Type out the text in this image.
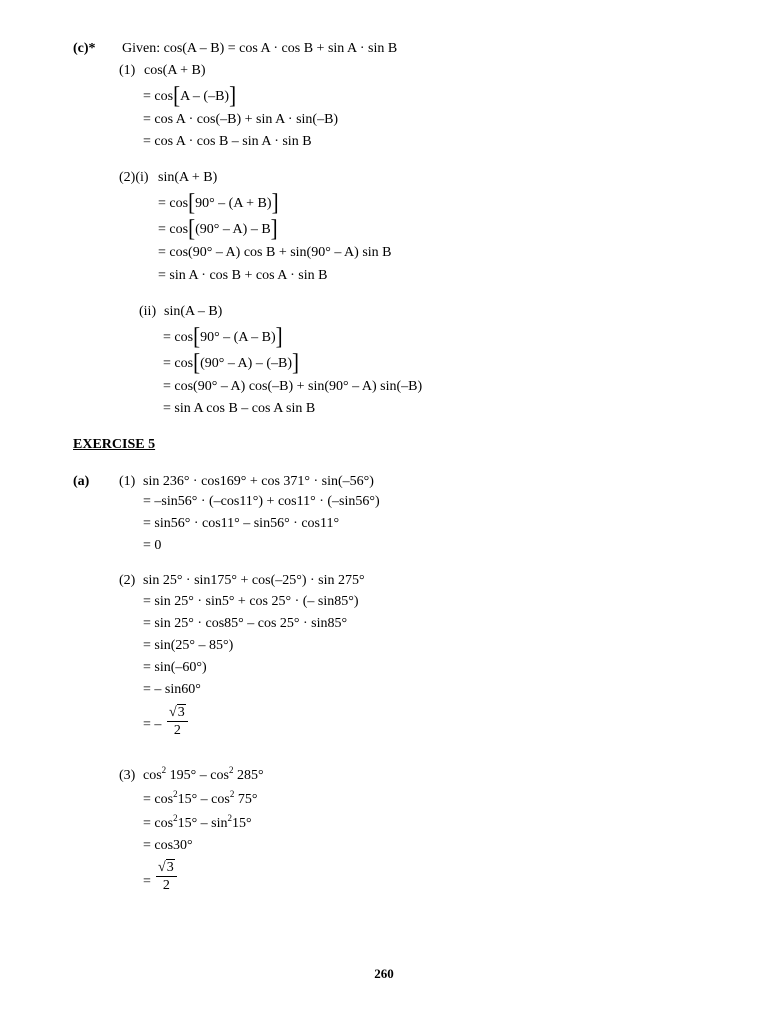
(c)* Given: cos(A – B) = cos A · cos B + sin A · sin B
(1) cos(A + B)
= cos[A – (–B)]
= cos A · cos(–B) + sin A · sin(–B)
= cos A · cos B – sin A · sin B
(2)(i) sin(A + B)
= cos[90° – (A + B)]
= cos[(90° – A) – B]
= cos(90° – A) cos B + sin(90° – A) sin B
= sin A · cos B + cos A · sin B
(ii) sin(A – B)
= cos[90° – (A – B)]
= cos[(90° – A) – (–B)]
= cos(90° – A) cos(–B) + sin(90° – A) sin(–B)
= sin A cos B – cos A sin B
EXERCISE 5
(a) (1) sin 236° · cos169° + cos 371° · sin(–56°)
= –sin56° · (–cos11°) + cos11° · (–sin56°)
= sin56° · cos11° – sin56° · cos11°
= 0
(2) sin 25° · sin175° + cos(–25°) · sin 275°
= sin 25° · sin5° + cos 25° · (– sin85°)
= sin 25° · cos85° – cos 25° · sin85°
= sin(25° – 85°)
= sin(–60°)
= – sin60°
= – $\frac{√3}{2}$
(3) $\cos^2 195^\circ - \cos^2 285^\circ$
= $\cos^215^\circ - \cos^2 75^\circ$
= $\cos^215^\circ - \sin^215^\circ$
= cos30°
= $\frac{√3}{2}$
260
